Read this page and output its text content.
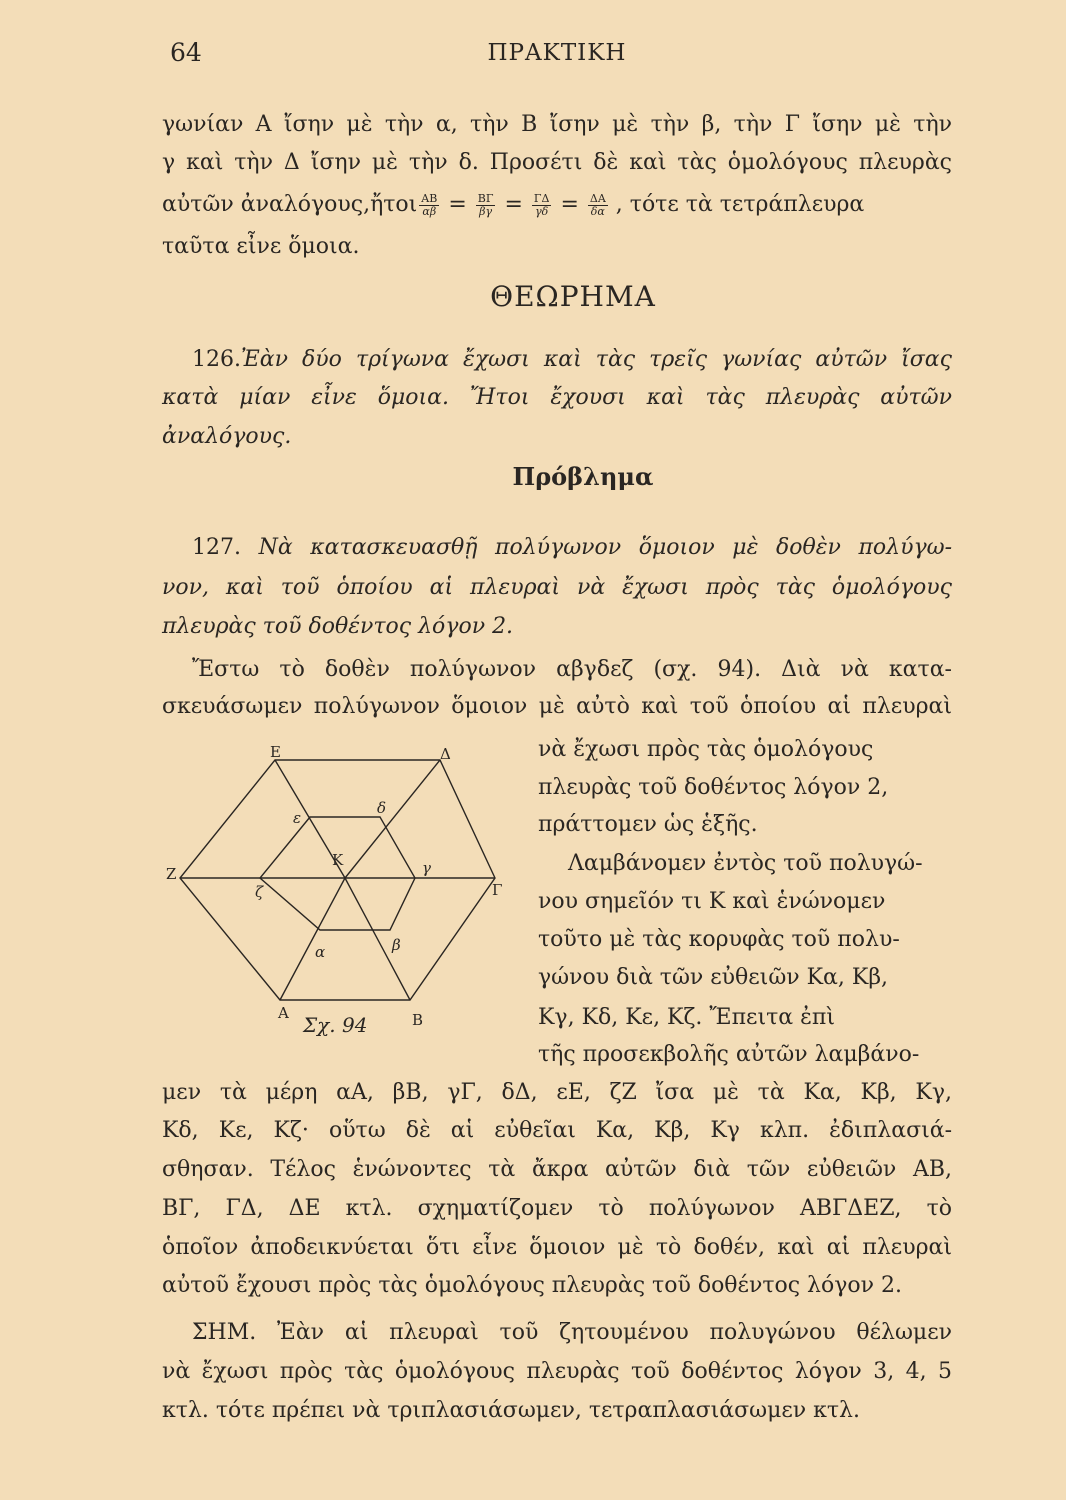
64	ΠΡΑΚΤΙΚΗ
γωνίαν Α ἴσην μὲ τὴν α, τὴν Β ἴσην μὲ τὴν β, τὴν Γ ἴσην μὲ τὴν
γ καὶ τὴν Δ ἴσην μὲ τὴν δ. Προσέτι δὲ καὶ τὰς ὁμολόγους πλευρὰς
αὐτῶν ἀναλόγους,ἤτοι $\frac{AB}{\alpha\beta} = \frac{B\Gamma}{\beta\gamma} = \frac{\Gamma\Delta}{\gamma\delta} = \frac{\Delta A}{\delta\alpha}$ , τότε τὰ τετράπλευρα
ταῦτα εἶνε ὅμοια.
ΘΕΩΡΗΜΑ
126.Ἐὰν δύο τρίγωνα ἔχωσι καὶ τὰς τρεῖς γωνίας αὐτῶν ἴσας
κατὰ μίαν εἶνε ὅμοια. Ἤτοι ἔχουσι καὶ τὰς πλευρὰς αὐτῶν
ἀναλόγους.
Πρόβλημα
127. Νὰ κατασκευασθῇ πολύγωνον ὅμοιον μὲ δοθὲν πολύγω-
νον, καὶ τοῦ ὁποίου αἱ πλευραὶ νὰ ἔχωσι πρὸς τὰς ὁμολόγους
πλευρὰς τοῦ δοθέντος λόγον 2.
Ἔστω τὸ δοθὲν πολύγωνον αβγδεζ (σχ. 94). Διὰ νὰ κατα-
σκευάσωμεν πολύγωνον ὅμοιον μὲ αὐτὸ καὶ τοῦ ὁποίου αἱ πλευραὶ
νὰ ἔχωσι πρὸς τὰς ὁμολόγους
πλευρὰς τοῦ δοθέντος λόγον 2,
πράττομεν ὡς ἑξῆς.
Λαμβάνομεν ἐντὸς τοῦ πολυγώ-
νου σημεῖόν τι Κ καὶ ἑνώνομεν
τοῦτο μὲ τὰς κορυφὰς τοῦ πολυ-
γώνου διὰ τῶν εὐθειῶν Κα, Κβ,
Κγ, Κδ, Κε, Κζ. Ἔπειτα ἐπὶ
τῆς προσεκβολῆς αὐτῶν λαμβάνο-
μεν τὰ μέρη αΑ, βΒ, γΓ, δΔ, εΕ, ζΖ ἴσα μὲ τὰ Κα, Κβ, Κγ,
Κδ, Κε, Κζ· οὕτω δὲ αἱ εὐθεῖαι Κα, Κβ, Κγ κλπ. ἐδιπλασιά-
σθησαν. Τέλος ἑνώνοντες τὰ ἄκρα αὐτῶν διὰ τῶν εὐθειῶν ΑΒ,
ΒΓ, ΓΔ, ΔΕ κτλ. σχηματίζομεν τὸ πολύγωνον ΑΒΓΔΕΖ, τὸ
ὁποῖον ἀποδεικνύεται ὅτι εἶνε ὅμοιον μὲ τὸ δοθέν, καὶ αἱ πλευραὶ
αὐτοῦ ἔχουσι πρὸς τὰς ὁμολόγους πλευρὰς τοῦ δοθέντος λόγον 2.
ΣΗΜ. Ἐὰν αἱ πλευραὶ τοῦ ζητουμένου πολυγώνου θέλωμεν
νὰ ἔχωσι πρὸς τὰς ὁμολόγους πλευρὰς τοῦ δοθέντος λόγον 3, 4, 5
κτλ. τότε πρέπει νὰ τριπλασιάσωμεν, τετραπλασιάσωμεν κτλ.
Α	Β
Γ
Δ
Ε
Ζ
α	β
γ
δ
ε
ζ
Κ
Σχ. 94
